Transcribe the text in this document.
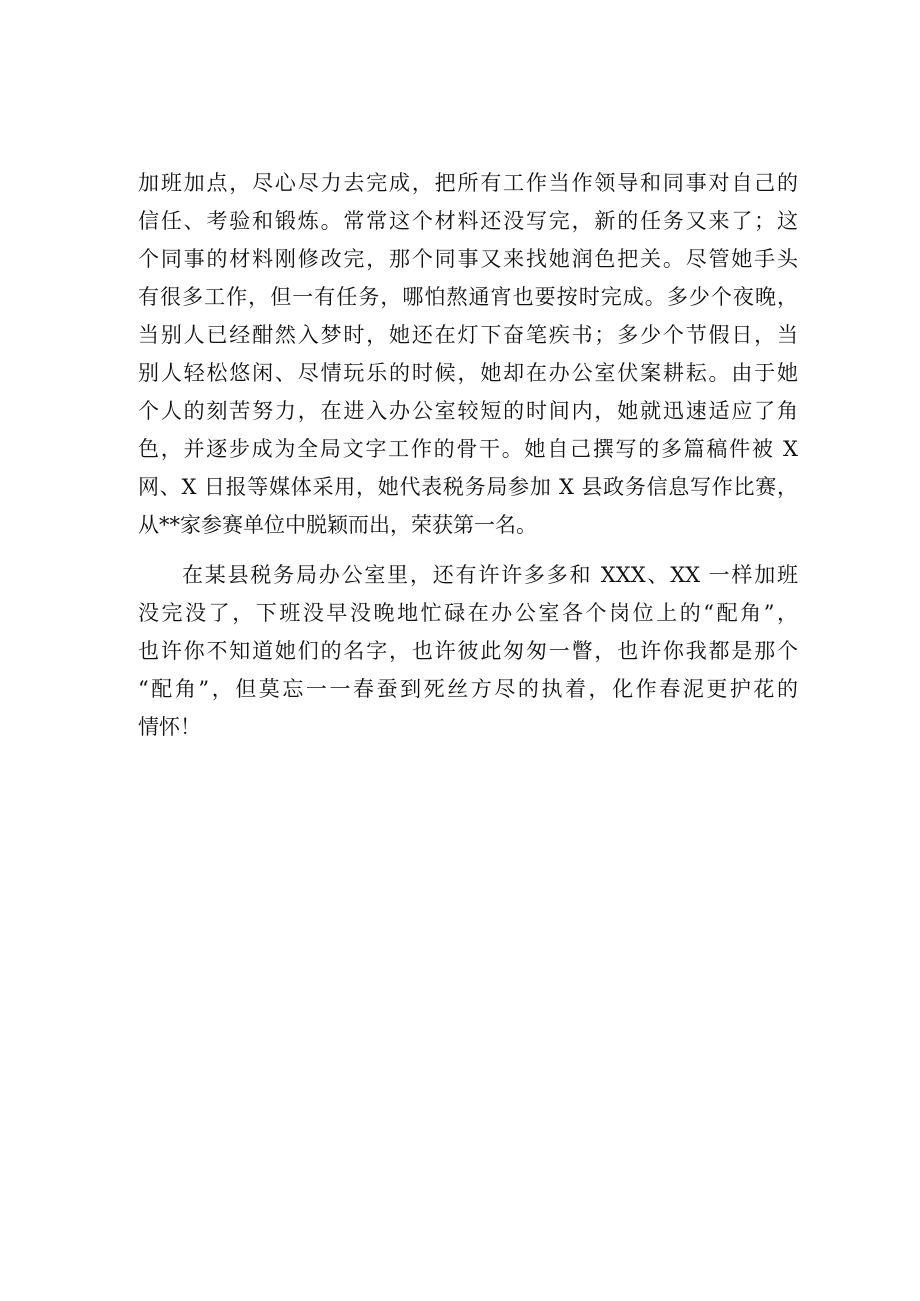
加班加点，尽心尽力去完成，把所有工作当作领导和同事对自己的
信任、考验和锻炼。常常这个材料还没写完，新的任务又来了；这
个同事的材料刚修改完，那个同事又来找她润色把关。尽管她手头
有很多工作，但一有任务，哪怕熬通宵也要按时完成。多少个夜晚，
当别人已经酣然入梦时，她还在灯下奋笔疾书；多少个节假日，当
别人轻松悠闲、尽情玩乐的时候，她却在办公室伏案耕耘。由于她
个人的刻苦努力，在进入办公室较短的时间内，她就迅速适应了角
色，并逐步成为全局文字工作的骨干。她自己撰写的多篇稿件被 X
网、X 日报等媒体采用，她代表税务局参加 X 县政务信息写作比赛，
从**家参赛单位中脱颖而出，荣获第一名。
在某县税务局办公室里，还有许许多多和 XXX、XX 一样加班
没完没了，下班没早没晚地忙碌在办公室各个岗位上的“配角”，
也许你不知道她们的名字，也许彼此匆匆一瞥，也许你我都是那个
“配角”，但莫忘一一春蚕到死丝方尽的执着，化作春泥更护花的
情怀！
